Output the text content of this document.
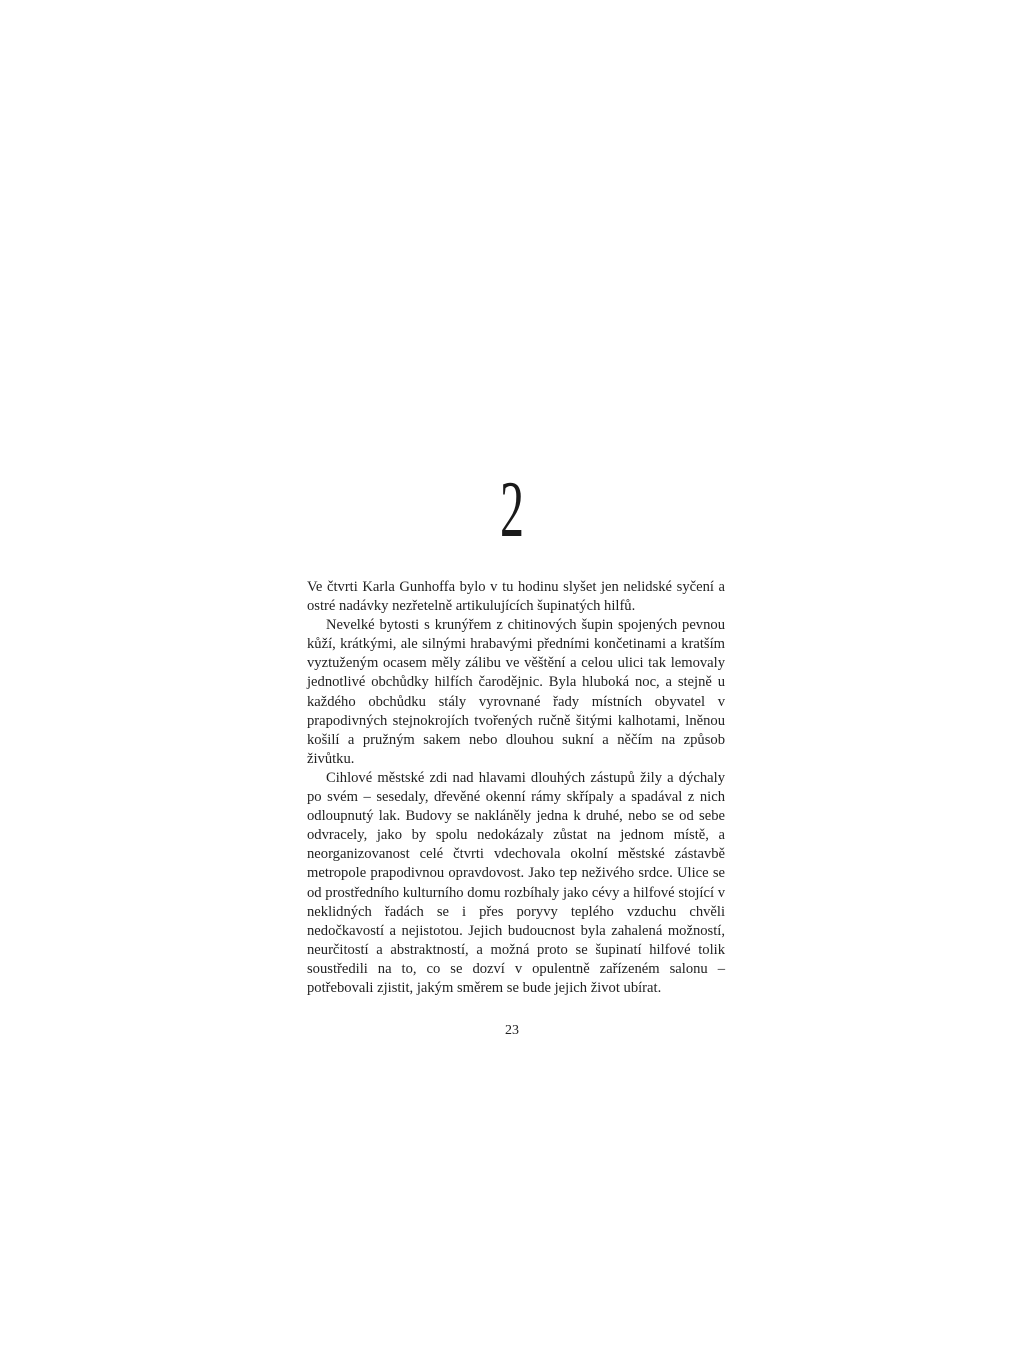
2

Ve čtvrti Karla Gunhoffa bylo v tu hodinu slyšet jen nelidské syčení a ostré nadávky nezřetelně artikulujících šupinatých hilfů.

Nevelké bytosti s krunýřem z chitinových šupin spojených pevnou kůží, krátkými, ale silnými hrabavými předními končetinami a kratším vyztuženým ocasem měly zálibu ve věštění a celou ulici tak lemovaly jednotlivé obchůdky hilfích čarodějnic. Byla hluboká noc, a stejně u každého obchůdku stály vyrovnané řady místních obyvatel v prapodivných stejnokrojích tvořených ručně šitými kalhotami, lněnou košilí a pružným sakem nebo dlouhou sukní a něčím na způsob živůtku.

Cihlové městské zdi nad hlavami dlouhých zástupů žily a dýchaly po svém – sesedaly, dřevěné okenní rámy skřípaly a spadával z nich odloupnutý lak. Budovy se nakláněly jedna k druhé, nebo se od sebe odvracely, jako by spolu nedokázaly zůstat na jednom místě, a neorganizovanost celé čtvrti vdechovala okolní městské zástavbě metropole prapodivnou opravdovost. Jako tep neživého srdce. Ulice se od prostředního kulturního domu rozbíhaly jako cévy a hilfové stojící v neklidných řadách se i přes poryvy teplého vzduchu chvěli nedočkavostí a nejistotou. Jejich budoucnost byla zahalená možností, neurčitostí a abstraktností, a možná proto se šupinatí hilfové tolik soustředili na to, co se dozví v opulentně zařízeném salonu – potřebovali zjistit, jakým směrem se bude jejich život ubírat.

23
